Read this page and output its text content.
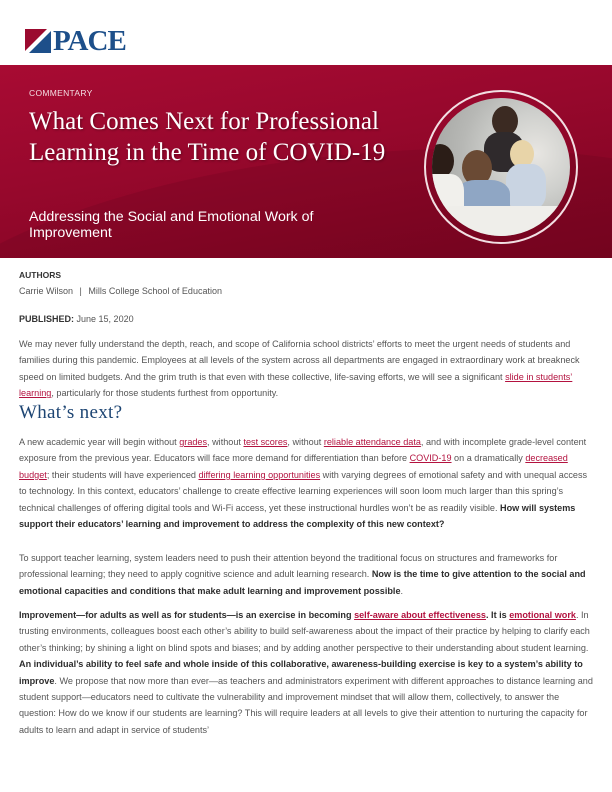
PACE
COMMENTARY
What Comes Next for Professional Learning in the Time of COVID-19
Addressing the Social and Emotional Work of Improvement
AUTHORS
Carrie Wilson | Mills College School of Education
PUBLISHED: June 15, 2020

We may never fully understand the depth, reach, and scope of California school districts’ efforts to meet the urgent needs of students and families during this pandemic. Employees at all levels of the system across all departments are engaged in extraordinary work at breakneck speed on limited budgets. And the grim truth is that even with these collective, life-saving efforts, we will see a significant slide in students’ learning, particularly for those students furthest from opportunity.

What’s next?

A new academic year will begin without grades, without test scores, without reliable attendance data, and with incomplete grade-level content exposure from the previous year. Educators will face more demand for differentiation than before COVID-19 on a dramatically decreased budget; their students will have experienced differing learning opportunities with varying degrees of emotional safety and with unequal access to technology. In this context, educators’ challenge to create effective learning experiences will soon loom much larger than this spring’s technical challenges of offering digital tools and Wi-Fi access, yet these instructional hurdles won’t be as readily visible. How will systems support their educators’ learning and improvement to address the complexity of this new context?

To support teacher learning, system leaders need to push their attention beyond the traditional focus on structures and frameworks for professional learning; they need to apply cognitive science and adult learning research. Now is the time to give attention to the social and emotional capacities and conditions that make adult learning and improvement possible.

Improvement—for adults as well as for students—is an exercise in becoming self-aware about effectiveness. It is emotional work. In trusting environments, colleagues boost each other’s ability to build self-awareness about the impact of their practice by helping to clarify each other’s thinking; by shining a light on blind spots and biases; and by adding another perspective to their understanding about student learning. An individual’s ability to feel safe and whole inside of this collaborative, awareness-building exercise is key to a system’s ability to improve. We propose that now more than ever—as teachers and administrators experiment with different approaches to distance learning and student support—educators need to cultivate the vulnerability and improvement mindset that will allow them, collectively, to answer the question: How do we know if our students are learning? This will require leaders at all levels to give their attention to nurturing the capacity for adults to learn and adapt in service of students’
